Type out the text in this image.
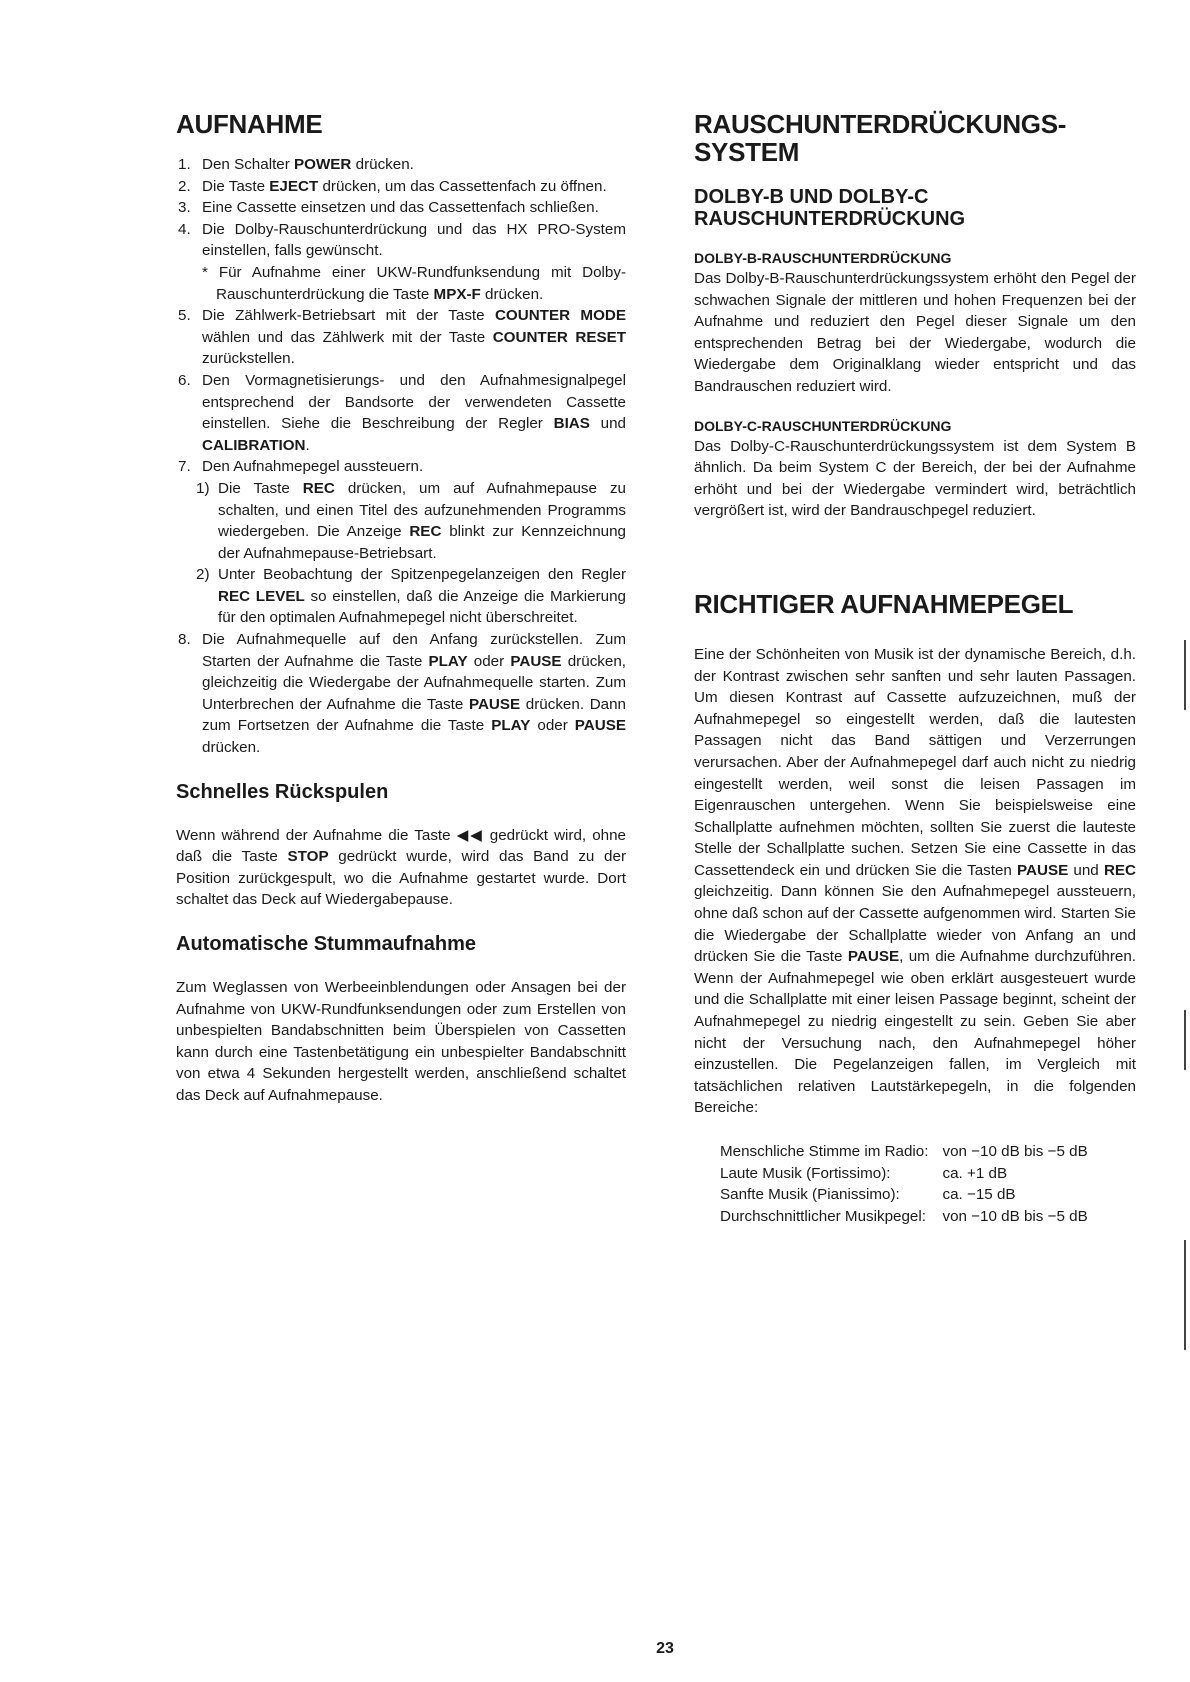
AUFNAHME
1. Den Schalter POWER drücken.
2. Die Taste EJECT drücken, um das Cassettenfach zu öffnen.
3. Eine Cassette einsetzen und das Cassettenfach schließen.
4. Die Dolby-Rauschunterdrückung und das HX PRO-System einstellen, falls gewünscht.
* Für Aufnahme einer UKW-Rundfunksendung mit Dolby-Rauschunterdrückung die Taste MPX-F drücken.
5. Die Zählwerk-Betriebsart mit der Taste COUNTER MODE wählen und das Zählwerk mit der Taste COUNTER RESET zurückstellen.
6. Den Vormagnetisierungs- und den Aufnahmesignalpegel entsprechend der Bandsorte der verwendeten Cassette einstellen. Siehe die Beschreibung der Regler BIAS und CALIBRATION.
7. Den Aufnahmepegel aussteuern.
1) Die Taste REC drücken, um auf Aufnahmepause zu schalten, und einen Titel des aufzunehmenden Programms wiedergeben. Die Anzeige REC blinkt zur Kennzeichnung der Aufnahmepause-Betriebsart.
2) Unter Beobachtung der Spitzenpegelanzeigen den Regler REC LEVEL so einstellen, daß die Anzeige die Markierung für den optimalen Aufnahmepegel nicht überschreitet.
8. Die Aufnahmequelle auf den Anfang zurückstellen. Zum Starten der Aufnahme die Taste PLAY oder PAUSE drücken, gleichzeitig die Wiedergabe der Aufnahmequelle starten. Zum Unterbrechen der Aufnahme die Taste PAUSE drücken. Dann zum Fortsetzen der Aufnahme die Taste PLAY oder PAUSE drücken.
Schnelles Rückspulen

Wenn während der Aufnahme die Taste ◀◀ gedrückt wird, ohne daß die Taste STOP gedrückt wurde, wird das Band zu der Position zurückgespult, wo die Aufnahme gestartet wurde. Dort schaltet das Deck auf Wiedergabepause.

Automatische Stummaufnahme

Zum Weglassen von Werbeeinblendungen oder Ansagen bei der Aufnahme von UKW-Rundfunksendungen oder zum Erstellen von unbespielten Bandabschnitten beim Überspielen von Cassetten kann durch eine Tastenbetätigung ein unbespielter Bandabschnitt von etwa 4 Sekunden hergestellt werden, anschließend schaltet das Deck auf Aufnahmepause.

RAUSCHUNTERDRÜCKUNGS-SYSTEM
DOLBY-B UND DOLBY-C RAUSCHUNTERDRÜCKUNG
DOLBY-B-RAUSCHUNTERDRÜCKUNG

Das Dolby-B-Rauschunterdrückungssystem erhöht den Pegel der schwachen Signale der mittleren und hohen Frequenzen bei der Aufnahme und reduziert den Pegel dieser Signale um den entsprechenden Betrag bei der Wiedergabe, wodurch die Wiedergabe dem Originalklang wieder entspricht und das Bandrauschen reduziert wird.

DOLBY-C-RAUSCHUNTERDRÜCKUNG

Das Dolby-C-Rauschunterdrückungssystem ist dem System B ähnlich. Da beim System C der Bereich, der bei der Aufnahme erhöht und bei der Wiedergabe vermindert wird, beträchtlich vergrößert ist, wird der Bandrauschpegel reduziert.

RICHTIGER AUFNAHMEPEGEL

Eine der Schönheiten von Musik ist der dynamische Bereich, d.h. der Kontrast zwischen sehr sanften und sehr lauten Passagen. Um diesen Kontrast auf Cassette aufzuzeichnen, muß der Aufnahmepegel so eingestellt werden, daß die lautesten Passagen nicht das Band sättigen und Verzerrungen verursachen. Aber der Aufnahmepegel darf auch nicht zu niedrig eingestellt werden, weil sonst die leisen Passagen im Eigenrauschen untergehen. Wenn Sie beispielsweise eine Schallplatte aufnehmen möchten, sollten Sie zuerst die lauteste Stelle der Schallplatte suchen. Setzen Sie eine Cassette in das Cassettendeck ein und drücken Sie die Tasten PAUSE und REC gleichzeitig. Dann können Sie den Aufnahmepegel aussteuern, ohne daß schon auf der Cassette aufgenommen wird. Starten Sie die Wiedergabe der Schallplatte wieder von Anfang an und drücken Sie die Taste PAUSE, um die Aufnahme durchzuführen. Wenn der Aufnahmepegel wie oben erklärt ausgesteuert wurde und die Schallplatte mit einer leisen Passage beginnt, scheint der Aufnahmepegel zu niedrig eingestellt zu sein. Geben Sie aber nicht der Versuchung nach, den Aufnahmepegel höher einzustellen. Die Pegelanzeigen fallen, im Vergleich mit tatsächlichen relativen Lautstärkepegeln, in die folgenden Bereiche:

Menschliche Stimme im Radio:	von −10 dB bis −5 dB
Laute Musik (Fortissimo):	ca. +1 dB
Sanfte Musik (Pianissimo):	ca. −15 dB
Durchschnittlicher Musikpegel:	von −10 dB bis −5 dB
23
